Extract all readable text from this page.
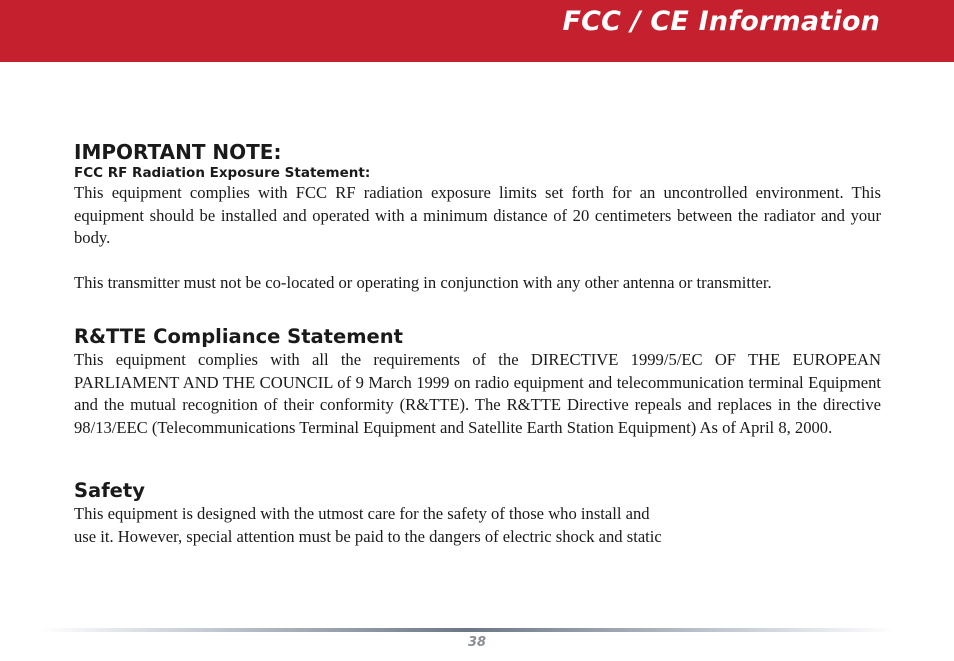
FCC / CE Information
IMPORTANT NOTE:
FCC RF Radiation Exposure Statement:

This equipment complies with FCC RF radiation exposure limits set forth for an uncontrolled environment. This equipment should be installed and operated with a minimum distance of 20 centimeters between the radiator and your body.

This transmitter must not be co-located or operating in conjunction with any other antenna or transmitter.

R&TTE Compliance Statement

This equipment complies with all the requirements of the DIRECTIVE 1999/5/EC OF THE EUROPEAN PARLIAMENT AND THE COUNCIL of 9 March 1999 on radio equipment and telecommunication terminal Equipment and the mutual recognition of their conformity (R&TTE). The R&TTE Directive repeals and replaces in the directive 98/13/EEC (Telecommunications Terminal Equipment and Satellite Earth Station Equipment) As of April 8, 2000.

Safety

This equipment is designed with the utmost care for the safety of those who install and

use it. However, special attention must be paid to the dangers of electric shock and static

38
